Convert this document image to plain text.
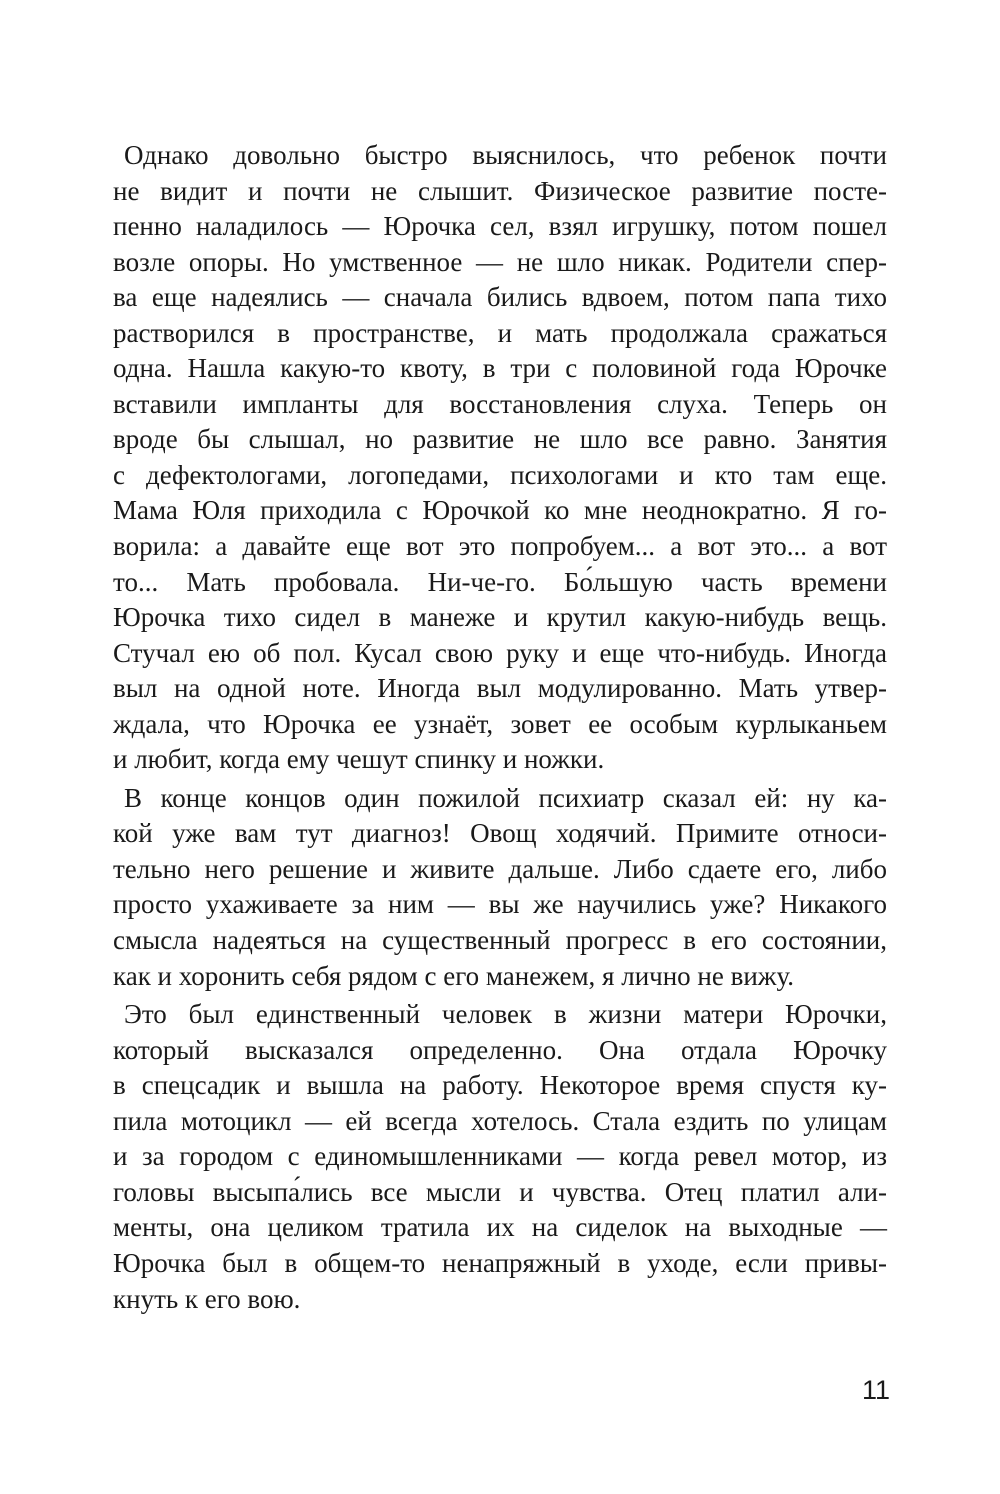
Однако довольно быстро выяснилось, что ребенок почти
не видит и почти не слышит. Физическое развитие посте-
пенно наладилось — Юрочка сел, взял игрушку, потом пошел
возле опоры. Но умственное — не шло никак. Родители спер-
ва еще надеялись — сначала бились вдвоем, потом папа тихо
растворился в пространстве, и мать продолжала сражаться
одна. Нашла какую-то квоту, в три с половиной года Юрочке
вставили импланты для восстановления слуха. Теперь он
вроде бы слышал, но развитие не шло все равно. Занятия
с дефектологами, логопедами, психологами и кто там еще.
Мама Юля приходила с Юрочкой ко мне неоднократно. Я го-
ворила: а давайте еще вот это попробуем... а вот это... а вот
то... Мать пробовала. Ни-че-го. Бо́льшую часть времени
Юрочка тихо сидел в манеже и крутил какую-нибудь вещь.
Стучал ею об пол. Кусал свою руку и еще что-нибудь. Иногда
выл на одной ноте. Иногда выл модулированно. Мать утвер-
ждала, что Юрочка ее узнаёт, зовет ее особым курлыканьем
и любит, когда ему чешут спинку и ножки.
В конце концов один пожилой психиатр сказал ей: ну ка-
кой уже вам тут диагноз! Овощ ходячий. Примите относи-
тельно него решение и живите дальше. Либо сдаете его, либо
просто ухаживаете за ним — вы же научились уже? Никакого
смысла надеяться на существенный прогресс в его состоянии,
как и хоронить себя рядом с его манежем, я лично не вижу.
Это был единственный человек в жизни матери Юрочки,
который высказался определенно. Она отдала Юрочку
в спецсадик и вышла на работу. Некоторое время спустя ку-
пила мотоцикл — ей всегда хотелось. Стала ездить по улицам
и за городом с единомышленниками — когда ревел мотор, из
головы высыпа́лись все мысли и чувства. Отец платил али-
менты, она целиком тратила их на сиделок на выходные —
Юрочка был в общем-то ненапряжный в уходе, если привы-
кнуть к его вою.
11
